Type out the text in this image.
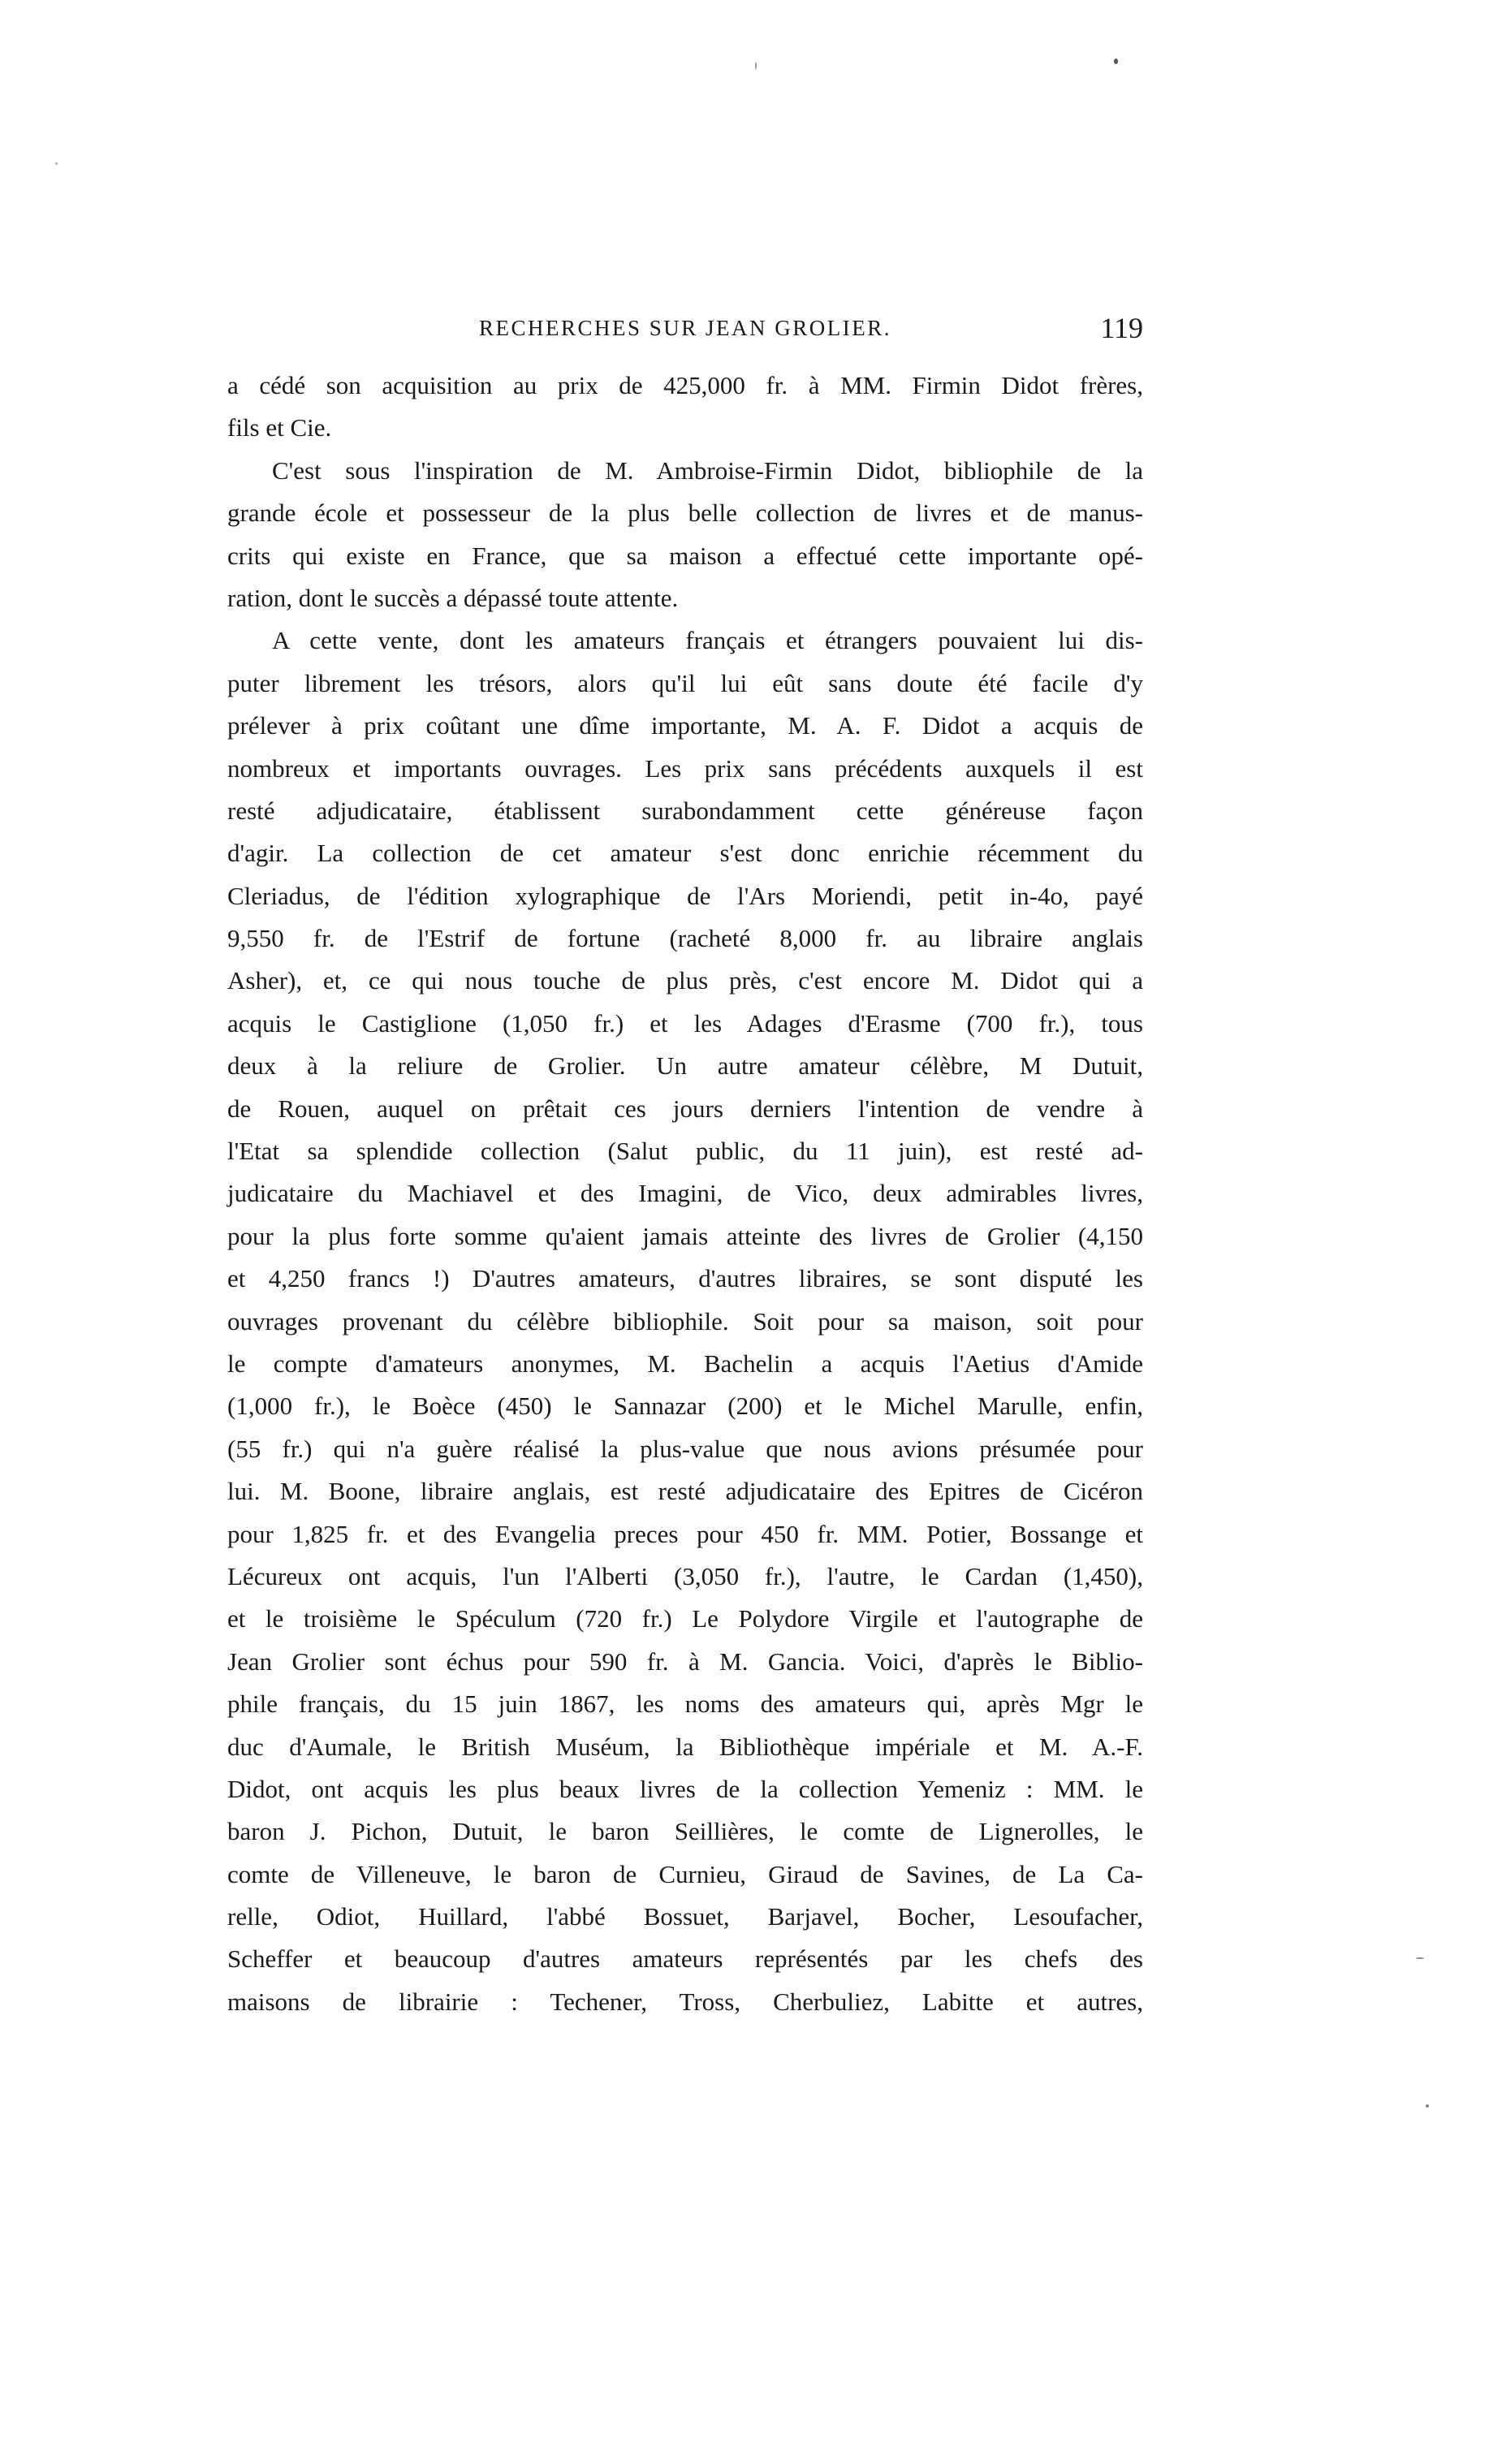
RECHERCHES SUR JEAN GROLIER.	119
a cédé son acquisition au prix de 425,000 fr. à MM. Firmin Didot frères,
fils et Cie.
C'est sous l'inspiration de M. Ambroise-Firmin Didot, bibliophile de la
grande école et possesseur de la plus belle collection de livres et de manus-
crits qui existe en France, que sa maison a effectué cette importante opé-
ration, dont le succès a dépassé toute attente.
A cette vente, dont les amateurs français et étrangers pouvaient lui dis-
puter librement les trésors, alors qu'il lui eût sans doute été facile d'y
prélever à prix coûtant une dîme importante, M. A. F. Didot a acquis de
nombreux et importants ouvrages. Les prix sans précédents auxquels il est
resté adjudicataire, établissent surabondamment cette généreuse façon
d'agir. La collection de cet amateur s'est donc enrichie récemment du
Cleriadus, de l'édition xylographique de l'Ars Moriendi, petit in-4o, payé
9,550 fr. de l'Estrif de fortune (racheté 8,000 fr. au libraire anglais
Asher), et, ce qui nous touche de plus près, c'est encore M. Didot qui a
acquis le Castiglione (1,050 fr.) et les Adages d'Erasme (700 fr.), tous
deux à la reliure de Grolier. Un autre amateur célèbre, M Dutuit,
de Rouen, auquel on prêtait ces jours derniers l'intention de vendre à
l'Etat sa splendide collection (Salut public, du 11 juin), est resté ad-
judicataire du Machiavel et des Imagini, de Vico, deux admirables livres,
pour la plus forte somme qu'aient jamais atteinte des livres de Grolier (4,150
et 4,250 francs !) D'autres amateurs, d'autres libraires, se sont disputé les
ouvrages provenant du célèbre bibliophile. Soit pour sa maison, soit pour
le compte d'amateurs anonymes, M. Bachelin a acquis l'Aetius d'Amide
(1,000 fr.), le Boèce (450) le Sannazar (200) et le Michel Marulle, enfin,
(55 fr.) qui n'a guère réalisé la plus-value que nous avions présumée pour
lui. M. Boone, libraire anglais, est resté adjudicataire des Epitres de Cicéron
pour 1,825 fr. et des Evangelia preces pour 450 fr. MM. Potier, Bossange et
Lécureux ont acquis, l'un l'Alberti (3,050 fr.), l'autre, le Cardan (1,450),
et le troisième le Spéculum (720 fr.) Le Polydore Virgile et l'autographe de
Jean Grolier sont échus pour 590 fr. à M. Gancia. Voici, d'après le Biblio-
phile français, du 15 juin 1867, les noms des amateurs qui, après Mgr le
duc d'Aumale, le British Muséum, la Bibliothèque impériale et M. A.-F.
Didot, ont acquis les plus beaux livres de la collection Yemeniz : MM. le
baron J. Pichon, Dutuit, le baron Seillières, le comte de Lignerolles, le
comte de Villeneuve, le baron de Curnieu, Giraud de Savines, de La Ca-
relle, Odiot, Huillard, l'abbé Bossuet, Barjavel, Bocher, Lesoufacher,
Scheffer et beaucoup d'autres amateurs représentés par les chefs des
maisons de librairie : Techener, Tross, Cherbuliez, Labitte et autres,
